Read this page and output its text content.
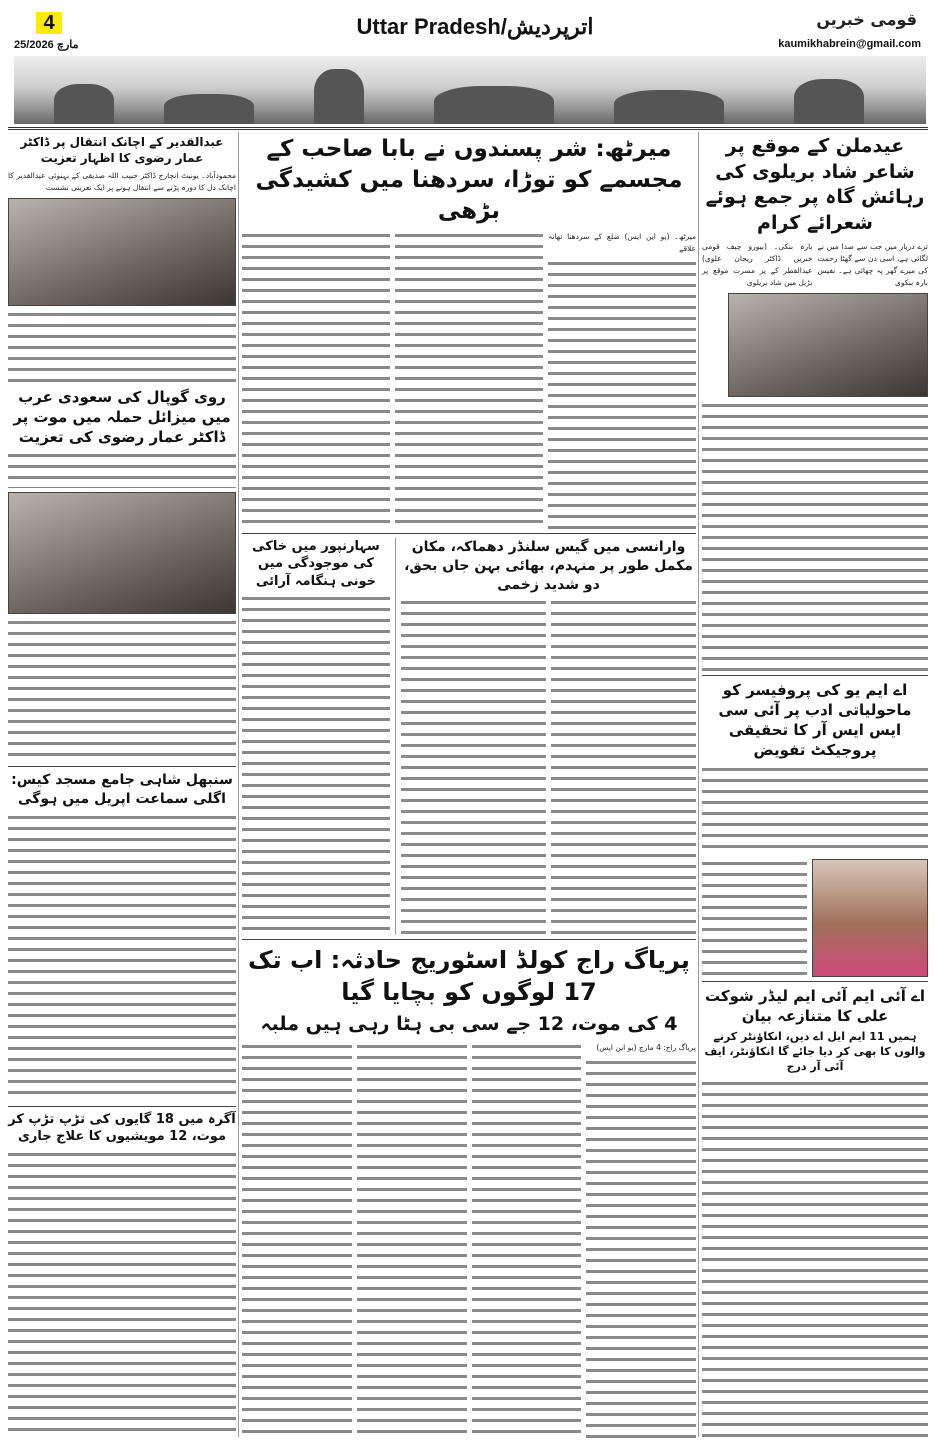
4
25/مارچ 2026
Uttar Pradesh/اترپردیش	قومی خبریں
kaumikhabrein@gmail.com
عیدملن کے موقع پر شاعر شاد بریلوی کی رہائش گاہ پر جمع ہوئے شعرائے کرام
بارہ بنکی۔ (بیورو چیف قومی خبریں ڈاکٹر ریحان علوی) عیدالفطر کے پر مسرت موقع پر بڑیل میں شاد بریلوی
ترے دربار میں جب سے صدا میں نے لگائی ہے، اسی دن سے گھٹا رحمت کی میرے گھر پہ چھائی ہے۔ نفیس بارہ بنکوی
اے ایم یو کی پروفیسر کو ماحولیاتی ادب پر آئی سی ایس ایس آر کا تحقیقی پروجیکٹ تفویض
اے آئی ایم آئی ایم لیڈر شوکت علی کا متنازعہ بیان
ہمیں 11 ایم ایل اے دیں، انکاؤنٹر کرنے والوں کا بھی کر دیا جائے گا انکاؤنٹر، ایف آئی آر درج
میرٹھ: شر پسندوں نے بابا صاحب کے مجسمے کو توڑا، سردھنا میں کشیدگی بڑھی
میرٹھ۔ (یو این ایس) ضلع کے سردھنا تھانہ علاقے
سہارنپور میں خاکی کی موجودگی میں خونی ہنگامہ آرائی
وارانسی میں گیس سلنڈر دھماکہ، مکان مکمل طور پر منہدم، بھائی بہن جاں بحق، دو شدید زخمی
پریاگ راج کولڈ اسٹوریج حادثہ: اب تک 17 لوگوں کو بچایا گیا
4 کی موت، 12 جے سی بی ہٹا رہی ہیں ملبہ
پریاگ راج: 4 مارچ (یو این ایس)
عبدالقدیر کے اچانک انتقال پر ڈاکٹر عمار رضوی کا اظہار تعزیت
محمودآباد۔ یونیٹ انچارج ڈاکٹر حبیب اللہ صدیقی کے بہنوئی عبدالقدیر کا اچانک دل کا دورہ پڑنے سے انتقال ہونے پر ایک تعزیتی نشست
روی گوپال کی سعودی عرب میں میزائل حملہ میں موت پر ڈاکٹر عمار رضوی کی تعزیت
سنبھل شاہی جامع مسجد کیس: اگلی سماعت اپریل میں ہوگی
آگرہ میں 18 گایوں کی تڑپ تڑپ کر موت، 12 مویشیوں کا علاج جاری
